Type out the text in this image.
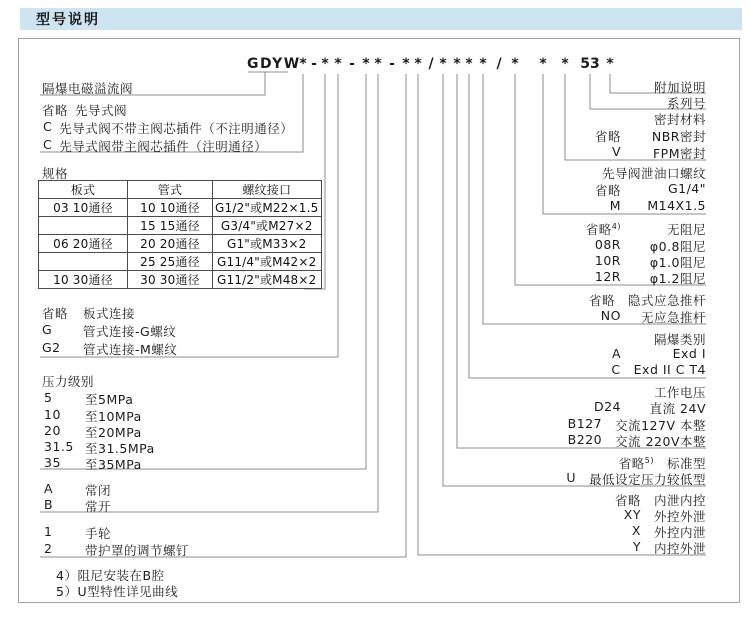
型号说明
GDYW
* - * * - * * - * * / * * * * / * * * 53 *
隔爆电磁溢流阀
省略 先导式阀
C 先导式阀不带主阀芯插件（不注明通径）
C 先导式阀带主阀芯插件（注明通径）
规格
板式	管式	螺纹接口
03 10通径	10 10通径	G1/2"或M22×1.5
	15 15通径	G3/4"或M27×2
06 20通径	20 20通径	G1"或M33×2
	25 25通径	G11/4"或M42×2
10 30通径	30 30通径	G11/2"或M48×2
省略	板式连接
G	管式连接-G螺纹
G2	管式连接-M螺纹
压力级别
5	至5MPa
10	至10MPa
20	至20MPa
31.5 至31.5MPa
35	至35MPa
A	常闭
B	常开
1	手轮
2	带护罩的调节螺钉
4）阻尼安装在B腔
5）U型特性详见曲线
附加说明
系列号
密封材料
省略	NBR密封
V	FPM密封
先导阀泄油口螺纹
省略	G1/4"
M	M14X1.5
省略$^{4)}$	无阻尼
08R	φ0.8阻尼
10R	φ1.0阻尼
12R	φ1.2阻尼
省略 隐式应急推杆
NO	无应急推杆
隔爆类别
A	Exd I
C Exd II C T4
工作电压
D24	直流 24V
B127 交流127V 本整
B220 交流 220V本整
省略$^{5)}$ 标准型
U 最低设定压力较低型
省略 内泄内控
XY 外控外泄
X 外控内泄
Y 内控外泄
